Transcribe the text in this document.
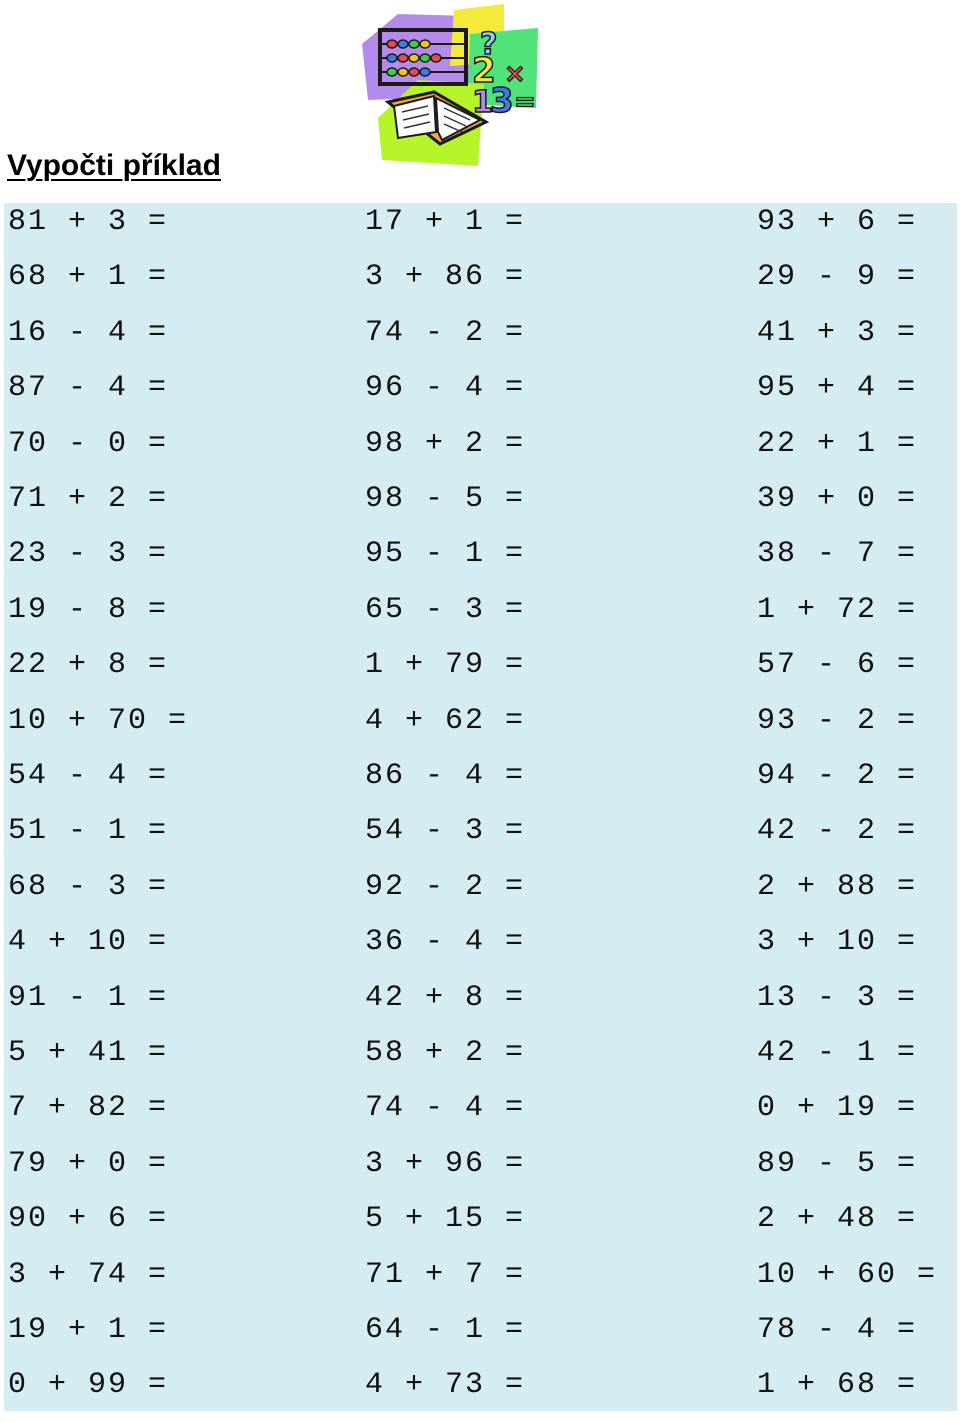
?
2 ×
3
1 =
Vypočti příklad
81 + 3 =	17 + 1 =	93 + 6 =
68 + 1 =	3 + 86 =	29 - 9 =
16 - 4 =	74 - 2 =	41 + 3 =
87 - 4 =	96 - 4 =	95 + 4 =
70 - 0 =	98 + 2 =	22 + 1 =
71 + 2 =	98 - 5 =	39 + 0 =
23 - 3 =	95 - 1 =	38 - 7 =
19 - 8 =	65 - 3 =	1 + 72 =
22 + 8 =	1 + 79 =	57 - 6 =
10 + 70 =	4 + 62 =	93 - 2 =
54 - 4 =	86 - 4 =	94 - 2 =
51 - 1 =	54 - 3 =	42 - 2 =
68 - 3 =	92 - 2 =	2 + 88 =
4 + 10 =	36 - 4 =	3 + 10 =
91 - 1 =	42 + 8 =	13 - 3 =
5 + 41 =	58 + 2 =	42 - 1 =
7 + 82 =	74 - 4 =	0 + 19 =
79 + 0 =	3 + 96 =	89 - 5 =
90 + 6 =	5 + 15 =	2 + 48 =
3 + 74 =	71 + 7 =	10 + 60 =
19 + 1 =	64 - 1 =	78 - 4 =
0 + 99 =	4 + 73 =	1 + 68 =
